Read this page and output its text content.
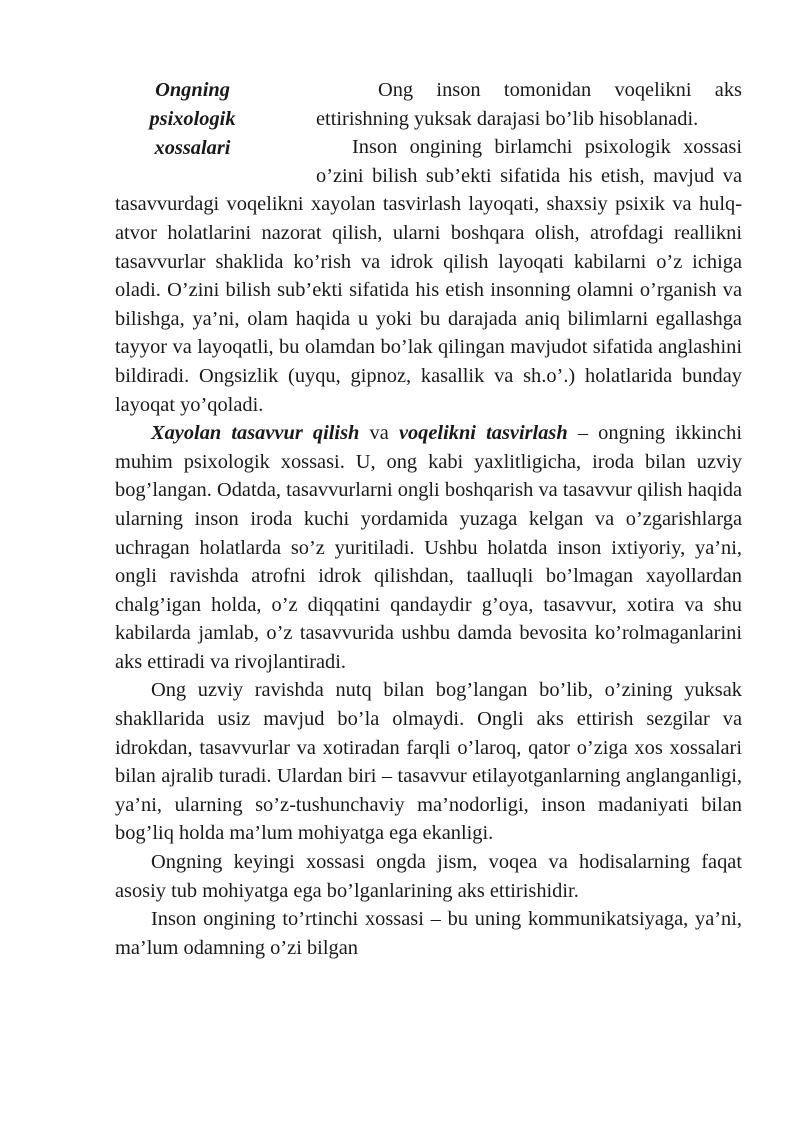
Ongning
psixologik
xossalari

Ong inson tomonidan voqelikni aks ettirishning yuksak darajasi bo’lib hisoblanadi.

Inson ongining birlamchi psixologik xossasi o’zini bilish sub’ekti sifatida his etish, mavjud va tasavvurdagi voqelikni xayolan tasvirlash layoqati, shaxsiy psixik va hulq-atvor holatlarini nazorat qilish, ularni boshqara olish, atrofdagi reallikni tasavvurlar shaklida ko’rish va idrok qilish layoqati kabilarni o’z ichiga oladi. O’zini bilish sub’ekti sifatida his etish insonning olamni o’rganish va bilishga, ya’ni, olam haqida u yoki bu darajada aniq bilimlarni egallashga tayyor va layoqatli, bu olamdan bo’lak qilingan mavjudot sifatida anglashini bildiradi. Ongsizlik (uyqu, gipnoz, kasallik va sh.o’.) holatlarida bunday layoqat yo’qoladi.

Xayolan tasavvur qilish va voqelikni tasvirlash – ongning ikkinchi muhim psixologik xossasi. U, ong kabi yaxlitligicha, iroda bilan uzviy bog’langan. Odatda, tasavvurlarni ongli boshqarish va tasavvur qilish haqida ularning inson iroda kuchi yordamida yuzaga kelgan va o’zgarishlarga uchragan holatlarda so’z yuritiladi. Ushbu holatda inson ixtiyoriy, ya’ni, ongli ravishda atrofni idrok qilishdan, taalluqli bo’lmagan xayollardan chalg’igan holda, o’z diqqatini qandaydir g’oya, tasavvur, xotira va shu kabilarda jamlab, o’z tasavvurida ushbu damda bevosita ko’rolmaganlarini aks ettiradi va rivojlantiradi.

Ong uzviy ravishda nutq bilan bog’langan bo’lib, o’zining yuksak shakllarida usiz mavjud bo’la olmaydi. Ongli aks ettirish sezgilar va idrokdan, tasavvurlar va xotiradan farqli o’laroq, qator o’ziga xos xossalari bilan ajralib turadi. Ulardan biri – tasavvur etilayotganlarning anglanganligi, ya’ni, ularning so’z-tushunchaviy ma’nodorligi, inson madaniyati bilan bog’liq holda ma’lum mohiyatga ega ekanligi.

Ongning keyingi xossasi ongda jism, voqea va hodisalarning faqat asosiy tub mohiyatga ega bo’lganlarining aks ettirishidir.

Inson ongining to’rtinchi xossasi – bu uning kommunikatsiyaga, ya’ni, ma’lum odamning o’zi bilgan
